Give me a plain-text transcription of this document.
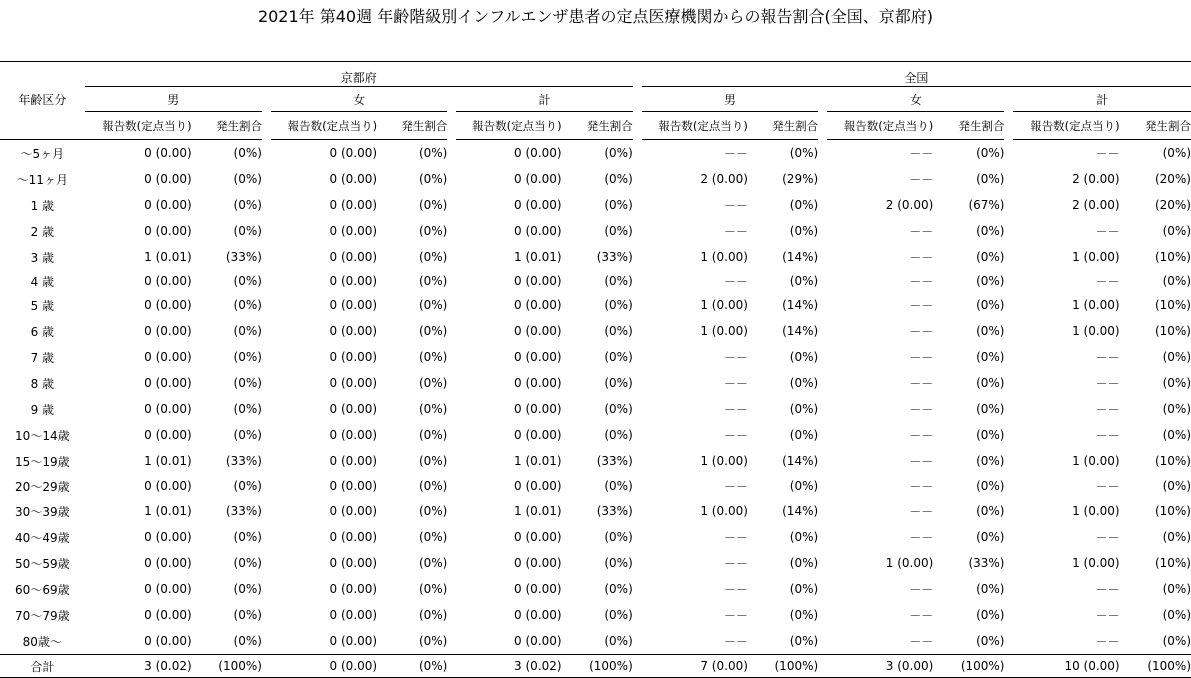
2021年 第40週 年齢階級別インフルエンザ患者の定点医療機関からの報告割合(全国、京都府)
	京都府									全国							
年齢区分	男			女			計			男			女			計	
	報告数(定点当り)	発生割合		報告数(定点当り)	発生割合		報告数(定点当り)	発生割合		報告数(定点当り)	発生割合		報告数(定点当り)	発生割合		報告数(定点当り)	発生割合
～5ヶ月	0 (0.00)	(0%)		0 (0.00)	(0%)		0 (0.00)	(0%)		－－	(0%)		－－	(0%)		－－	(0%)
～11ヶ月	0 (0.00)	(0%)		0 (0.00)	(0%)		0 (0.00)	(0%)		2 (0.00)	(29%)		－－	(0%)		2 (0.00)	(20%)
1 歳	0 (0.00)	(0%)		0 (0.00)	(0%)		0 (0.00)	(0%)		－－	(0%)		2 (0.00)	(67%)		2 (0.00)	(20%)
2 歳	0 (0.00)	(0%)		0 (0.00)	(0%)		0 (0.00)	(0%)		－－	(0%)		－－	(0%)		－－	(0%)
3 歳	1 (0.01)	(33%)		0 (0.00)	(0%)		1 (0.01)	(33%)		1 (0.00)	(14%)		－－	(0%)		1 (0.00)	(10%)
4 歳	0 (0.00)	(0%)		0 (0.00)	(0%)		0 (0.00)	(0%)		－－	(0%)		－－	(0%)		－－	(0%)
5 歳	0 (0.00)	(0%)		0 (0.00)	(0%)		0 (0.00)	(0%)		1 (0.00)	(14%)		－－	(0%)		1 (0.00)	(10%)
6 歳	0 (0.00)	(0%)		0 (0.00)	(0%)		0 (0.00)	(0%)		1 (0.00)	(14%)		－－	(0%)		1 (0.00)	(10%)
7 歳	0 (0.00)	(0%)		0 (0.00)	(0%)		0 (0.00)	(0%)		－－	(0%)		－－	(0%)		－－	(0%)
8 歳	0 (0.00)	(0%)		0 (0.00)	(0%)		0 (0.00)	(0%)		－－	(0%)		－－	(0%)		－－	(0%)
9 歳	0 (0.00)	(0%)		0 (0.00)	(0%)		0 (0.00)	(0%)		－－	(0%)		－－	(0%)		－－	(0%)
10～14歳	0 (0.00)	(0%)		0 (0.00)	(0%)		0 (0.00)	(0%)		－－	(0%)		－－	(0%)		－－	(0%)
15～19歳	1 (0.01)	(33%)		0 (0.00)	(0%)		1 (0.01)	(33%)		1 (0.00)	(14%)		－－	(0%)		1 (0.00)	(10%)
20～29歳	0 (0.00)	(0%)		0 (0.00)	(0%)		0 (0.00)	(0%)		－－	(0%)		－－	(0%)		－－	(0%)
30～39歳	1 (0.01)	(33%)		0 (0.00)	(0%)		1 (0.01)	(33%)		1 (0.00)	(14%)		－－	(0%)		1 (0.00)	(10%)
40～49歳	0 (0.00)	(0%)		0 (0.00)	(0%)		0 (0.00)	(0%)		－－	(0%)		－－	(0%)		－－	(0%)
50～59歳	0 (0.00)	(0%)		0 (0.00)	(0%)		0 (0.00)	(0%)		－－	(0%)		1 (0.00)	(33%)		1 (0.00)	(10%)
60～69歳	0 (0.00)	(0%)		0 (0.00)	(0%)		0 (0.00)	(0%)		－－	(0%)		－－	(0%)		－－	(0%)
70～79歳	0 (0.00)	(0%)		0 (0.00)	(0%)		0 (0.00)	(0%)		－－	(0%)		－－	(0%)		－－	(0%)
80歳～	0 (0.00)	(0%)		0 (0.00)	(0%)		0 (0.00)	(0%)		－－	(0%)		－－	(0%)		－－	(0%)
合計	3 (0.02)	(100%)		0 (0.00)	(0%)		3 (0.02)	(100%)		7 (0.00)	(100%)		3 (0.00)	(100%)		10 (0.00)	(100%)
